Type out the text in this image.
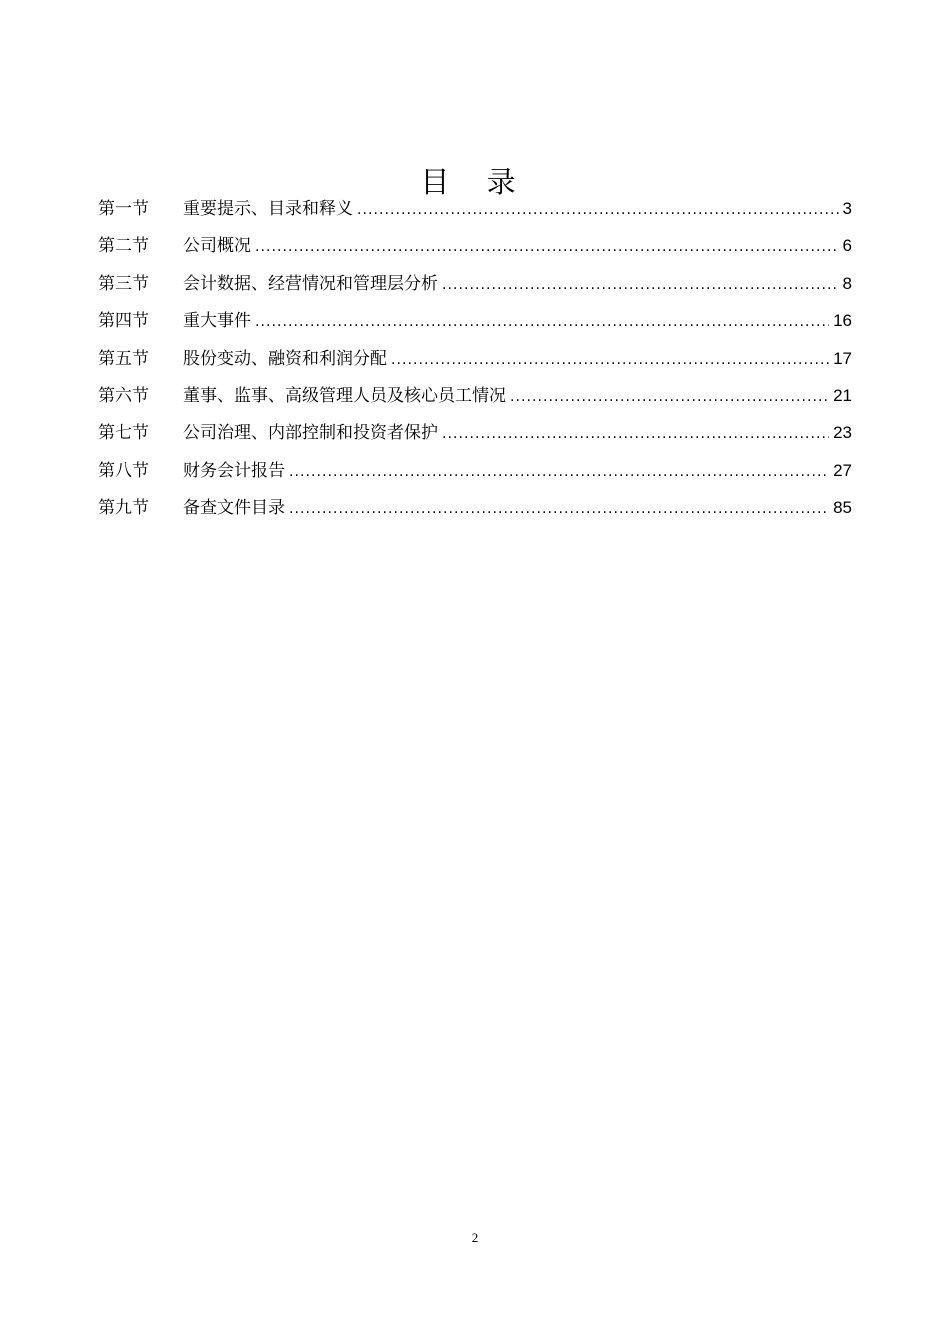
目 录
第一节	重要提示、目录和释义 . . .	3
第二节	公司概况 . . .	6
第三节	会计数据、经营情况和管理层分析 . . .	8
第四节	重大事件 . . .	16
第五节	股份变动、融资和利润分配 . . .	17
第六节	董事、监事、高级管理人员及核心员工情况 . . .	21
第七节	公司治理、内部控制和投资者保护 . . .	23
第八节	财务会计报告 . . .	27
第九节	备查文件目录 . . .	85
2
